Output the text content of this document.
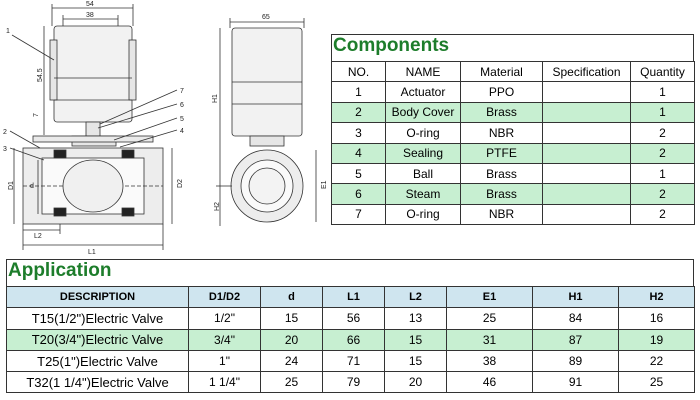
54
38
54.5
7
D1 d	D2
L2
L1
1
2
3
4
5
6
7
65
H1
H2
E1
Components
NO.	NAME	Material	Specification	Quantity
1	Actuator	PPO		1
2	Body Cover	Brass		1
3	O-ring	NBR		2
4	Sealing	PTFE		2
5	Ball	Brass		1
6	Steam	Brass		2
7	O-ring	NBR		2
Application
DESCRIPTION	D1/D2	d	L1	L2	E1	H1	H2
T15(1/2")Electric Valve	1/2"	15	56	13	25	84	16
T20(3/4")Electric Valve	3/4"	20	66	15	31	87	19
T25(1")Electric Valve	1"	24	71	15	38	89	22
T32(1 1/4")Electric Valve	1 1/4"	25	79	20	46	91	25
